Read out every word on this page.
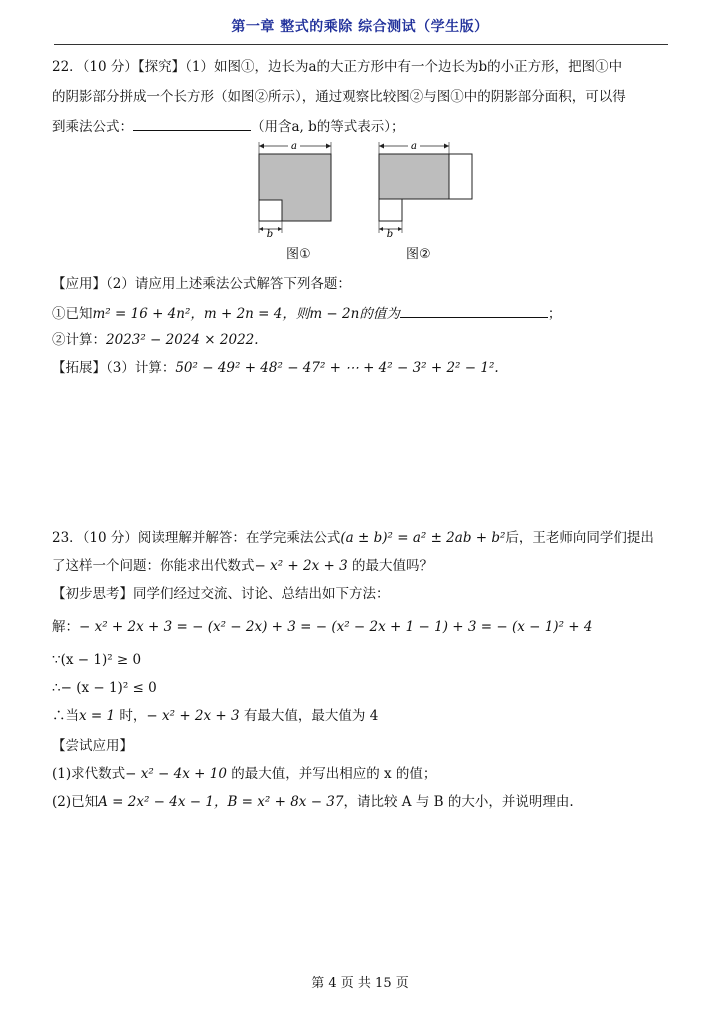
第一章 整式的乘除 综合测试（学生版）
22．（10 分）【探究】（1）如图①，边长为a的大正方形中有一个边长为b的小正方形，把图①中
的阴影部分拼成一个长方形（如图②所示），通过观察比较图②与图①中的阴影部分面积，可以得
到乘法公式：	（用含a, b的等式表示）；
a
b
图①
a
b
图②
【应用】（2）请应用上述乘法公式解答下列各题：
①已知m² = 16 + 4n²，m + 2n = 4，则m − 2n的值为	；
②计算：2023² − 2024 × 2022.
【拓展】（3）计算：50² − 49² + 48² − 47² + ⋯ + 4² − 3² + 2² − 1².
23．（10 分）阅读理解并解答：在学完乘法公式(a ± b)² = a² ± 2ab + b²后，王老师向同学们提出
了这样一个问题：你能求出代数式− x² + 2x + 3 的最大值吗？
【初步思考】同学们经过交流、讨论、总结出如下方法：
解：− x² + 2x + 3 = − (x² − 2x) + 3 = − (x² − 2x + 1 − 1) + 3 = − (x − 1)² + 4
∵(x − 1)² ≥ 0
∴− (x − 1)² ≤ 0
∴当x = 1 时，− x² + 2x + 3 有最大值，最大值为 4
【尝试应用】
(1)求代数式− x² − 4x + 10 的最大值，并写出相应的 x 的值；
(2)已知A = 2x² − 4x − 1，B = x² + 8x − 37，请比较 A 与 B 的大小，并说明理由.
第 4 页 共 15 页
